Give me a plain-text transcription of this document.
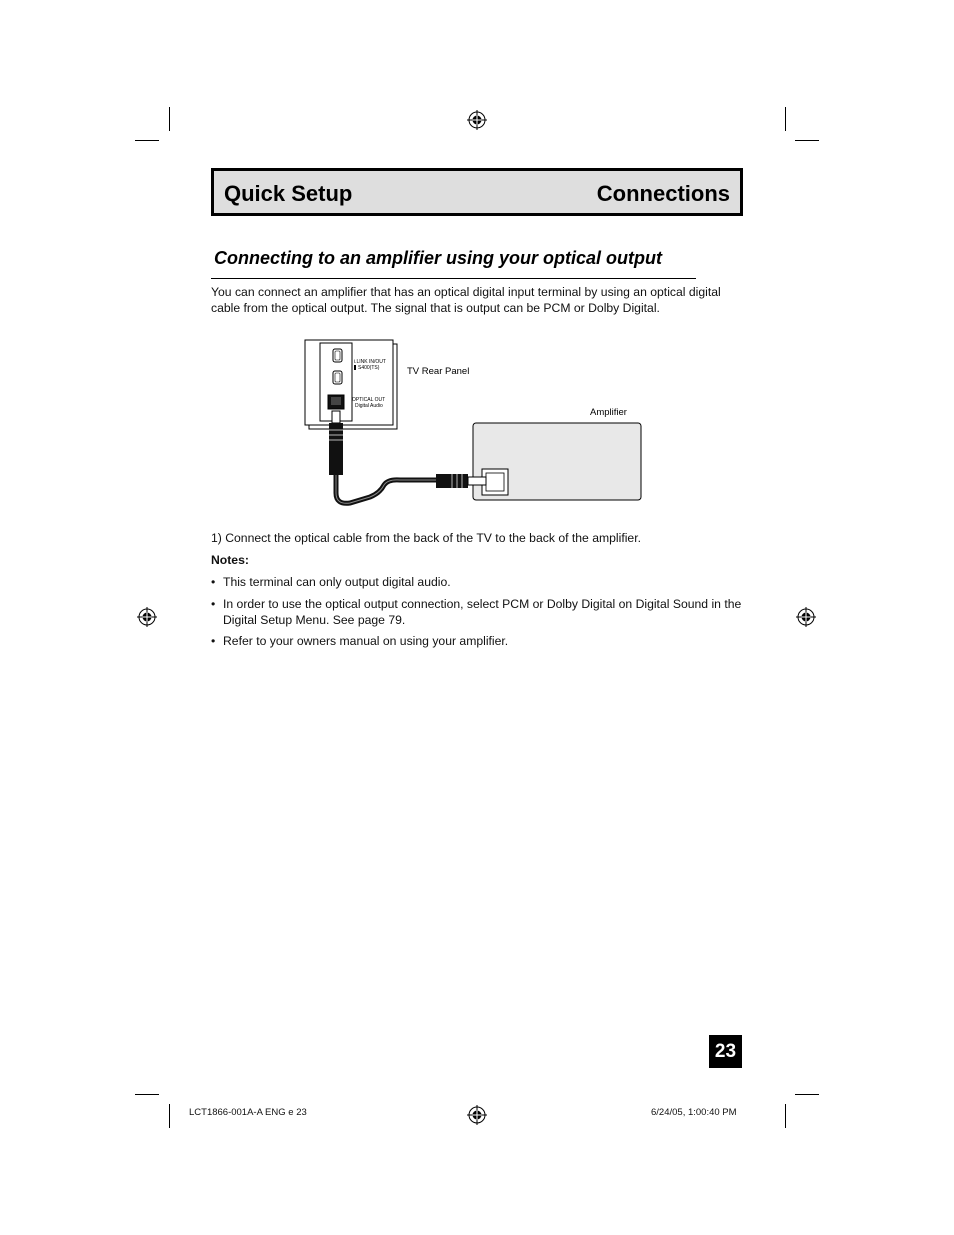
Quick Setup	Connections
Connecting to an amplifier using your optical output
You can connect an amplifier that has an optical digital input terminal by using an optical digital cable from the optical output. The signal that is output can be PCM or Dolby Digital.
i.LINK IN/OUT
S400(TS)
OPTICAL OUT
Digital Audio
TV Rear Panel
Amplifier
1) Connect the optical cable from the back of the TV to the back of the amplifier.
Notes:
• This terminal can only output digital audio.
• In order to use the optical output connection, select PCM or Dolby Digital on Digital Sound in the Digital Setup Menu. See page 79.
• Refer to your owners manual on using your amplifier.
23
LCT1866-001A-A ENG e 23	6/24/05, 1:00:40 PM
